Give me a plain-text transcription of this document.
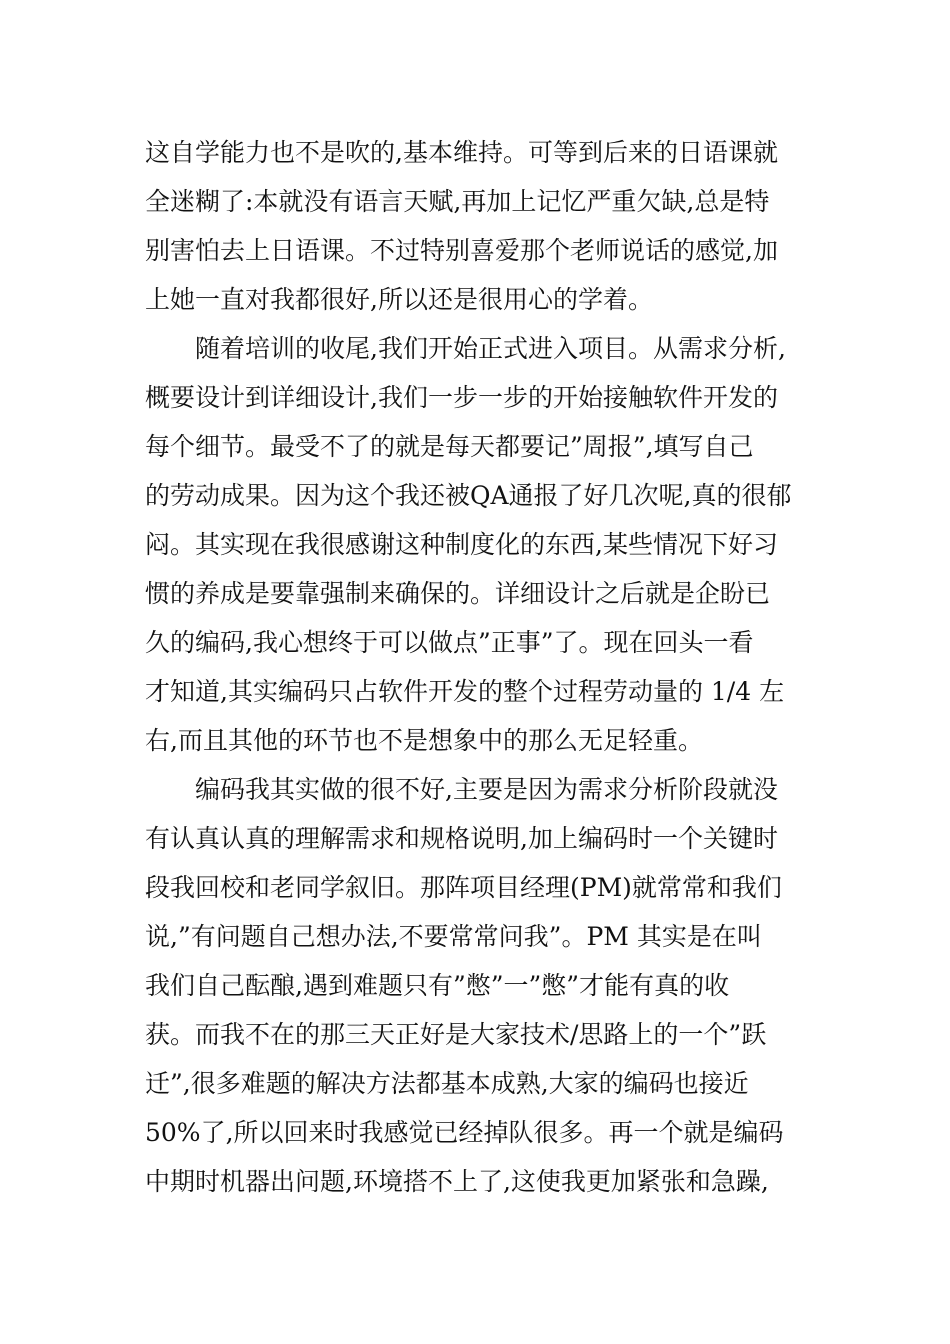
这自学能力也不是吹的,基本维持。可等到后来的日语课就
全迷糊了:本就没有语言天赋,再加上记忆严重欠缺,总是特
别害怕去上日语课。不过特别喜爱那个老师说话的感觉,加
上她一直对我都很好,所以还是很用心的学着。
　　随着培训的收尾,我们开始正式进入项目。从需求分析,
概要设计到详细设计,我们一步一步的开始接触软件开发的
每个细节。最受不了的就是每天都要记”周报”,填写自己
的劳动成果。因为这个我还被QA通报了好几次呢,真的很郁
闷。其实现在我很感谢这种制度化的东西,某些情况下好习
惯的养成是要靠强制来确保的。详细设计之后就是企盼已
久的编码,我心想终于可以做点”正事”了。现在回头一看
才知道,其实编码只占软件开发的整个过程劳动量的 1/4 左
右,而且其他的环节也不是想象中的那么无足轻重。
　　编码我其实做的很不好,主要是因为需求分析阶段就没
有认真认真的理解需求和规格说明,加上编码时一个关键时
段我回校和老同学叙旧。那阵项目经理(PM)就常常和我们
说,”有问题自己想办法,不要常常问我”。PM 其实是在叫
我们自己酝酿,遇到难题只有”憋”一”憋”才能有真的收
获。而我不在的那三天正好是大家技术/思路上的一个”跃
迁”,很多难题的解决方法都基本成熟,大家的编码也接近
50%了,所以回来时我感觉已经掉队很多。再一个就是编码
中期时机器出问题,环境搭不上了,这使我更加紧张和急躁,
